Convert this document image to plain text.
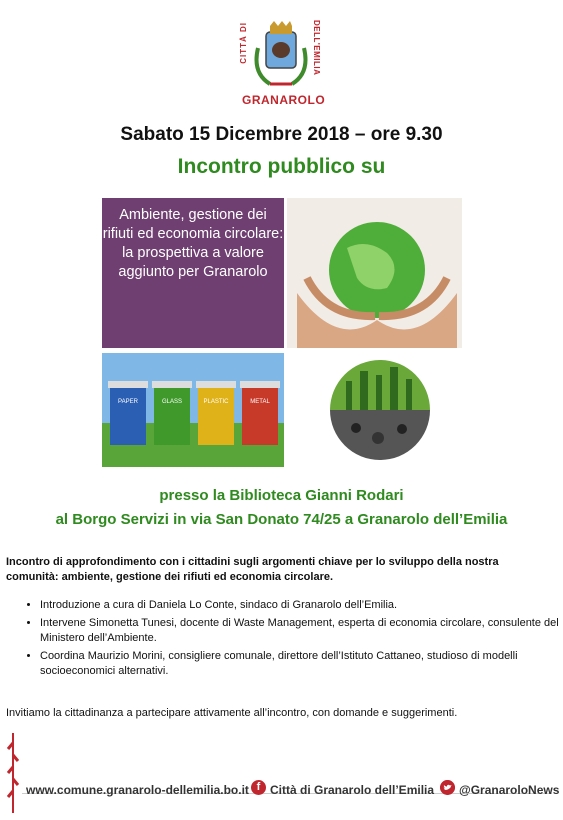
CITTÀ DI	DELL'EMILIA
GRANAROLO
Sabato 15 Dicembre 2018 – ore 9.30
Incontro pubblico su
Ambiente, gestione dei rifiuti ed economia circolare: la prospettiva a valore aggiunto per Granarolo
PAPER	GLASS	PLASTIC	METAL
presso la Biblioteca Gianni Rodari
al Borgo Servizi in via San Donato 74/25 a Granarolo dell’Emilia
Incontro di approfondimento con i cittadini sugli argomenti chiave per lo sviluppo della nostra comunità: ambiente, gestione dei rifiuti ed economia circolare.
• Introduzione a cura di Daniela Lo Conte, sindaco di Granarolo dell’Emilia.
• Intervene Simonetta Tunesi, docente di Waste Management, esperta di economia circolare, consulente del Ministero dell’Ambiente.
• Coordina Maurizio Morini, consigliere comunale, direttore dell’Istituto Cattaneo, studioso di modelli socioeconomici alternativi.
Invitiamo la cittadinanza a partecipare attivamente all’incontro, con domande e suggerimenti.
www.comune.granarolo-dellemilia.bo.it f Città di Granarolo dell’Emilia @GranaroloNews
